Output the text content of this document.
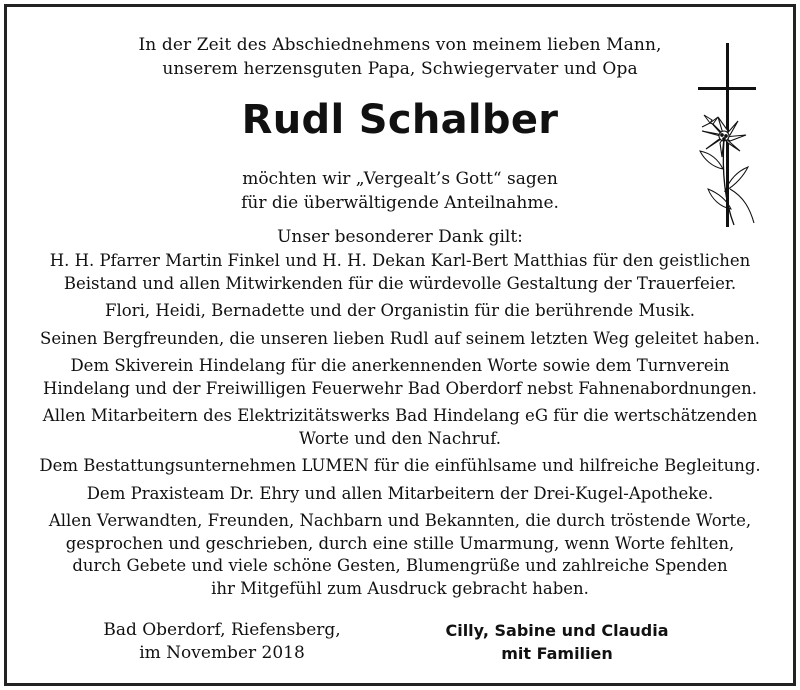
In der Zeit des Abschiednehmens von meinem lieben Mann,
unserem herzensguten Papa, Schwiegervater und Opa
Rudl Schalber
möchten wir „Vergealt’s Gott“ sagen
für die überwältigende Anteilnahme.
Unser besonderer Dank gilt:
H. H. Pfarrer Martin Finkel und H. H. Dekan Karl-Bert Matthias für den geistlichen
Beistand und allen Mitwirkenden für die würdevolle Gestaltung der Trauerfeier.
Flori, Heidi, Bernadette und der Organistin für die berührende Musik.
Seinen Bergfreunden, die unseren lieben Rudl auf seinem letzten Weg geleitet haben.
Dem Skiverein Hindelang für die anerkennenden Worte sowie dem Turnverein
Hindelang und der Freiwilligen Feuerwehr Bad Oberdorf nebst Fahnenabordnungen.
Allen Mitarbeitern des Elektrizitätswerks Bad Hindelang eG für die wertschätzenden
Worte und den Nachruf.
Dem Bestattungsunternehmen LUMEN für die einfühlsame und hilfreiche Begleitung.
Dem Praxisteam Dr. Ehry und allen Mitarbeitern der Drei-Kugel-Apotheke.
Allen Verwandten, Freunden, Nachbarn und Bekannten, die durch tröstende Worte,
gesprochen und geschrieben, durch eine stille Umarmung, wenn Worte fehlten,
durch Gebete und viele schöne Gesten, Blumengrüße und zahlreiche Spenden
ihr Mitgefühl zum Ausdruck gebracht haben.
Bad Oberdorf, Riefensberg,
im November 2018
Cilly, Sabine und Claudia
mit Familien
